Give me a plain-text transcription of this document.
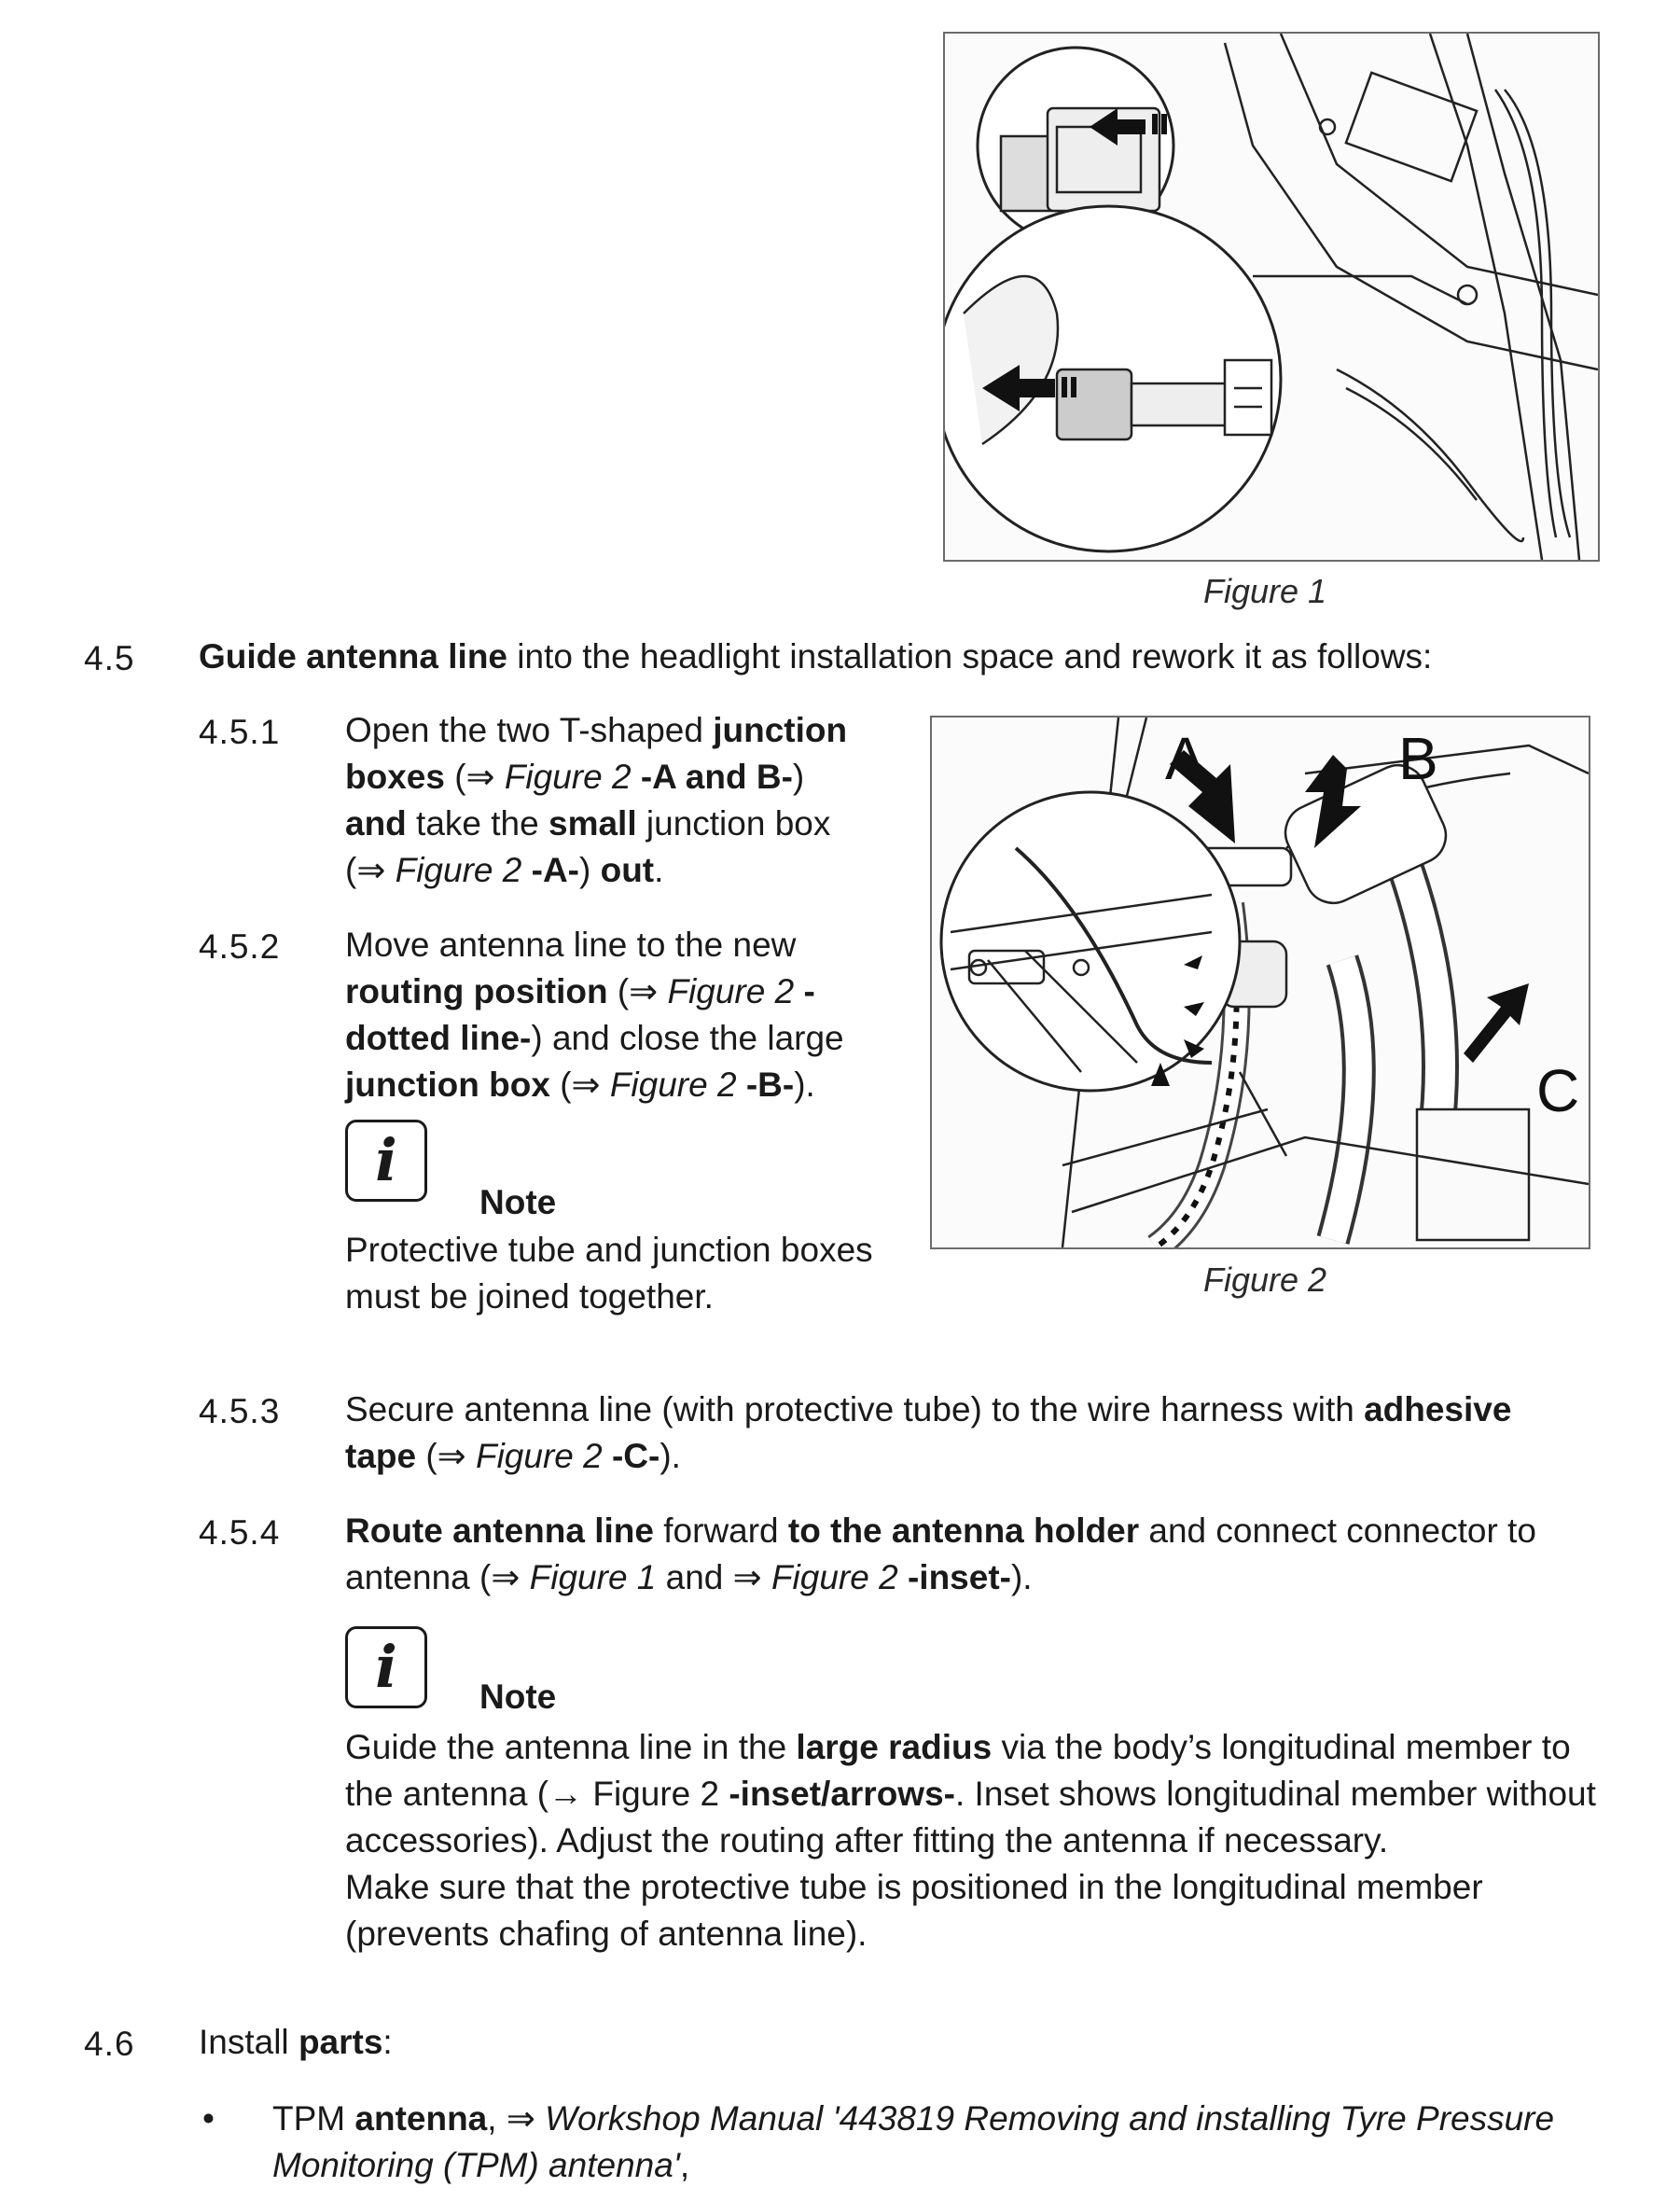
Figure 1
4.5 Guide antenna line into the headlight installation space and rework it as follows:
A	B
C
Figure 2
4.5.1 Open the two T-shaped junction boxes (⇒ Figure 2 -A and B-) and take the small junction box (⇒ Figure 2 -A-) out.
4.5.2 Move antenna line to the new routing position (⇒ Figure 2 -dotted line-) and close the large junction box (⇒ Figure 2 -B-).
i
Note
Protective tube and junction boxes must be joined together.
4.5.3 Secure antenna line (with protective tube) to the wire harness with adhesive tape (⇒ Figure 2 -C-).
4.5.4 Route antenna line forward to the antenna holder and connect connector to antenna (⇒ Figure 1 and ⇒ Figure 2 -inset-).
i Note
Guide the antenna line in the large radius via the body’s longitudinal member to the antenna (→ Figure 2 -inset/arrows-. Inset shows longitudinal member without accessories). Adjust the routing after fitting the antenna if necessary.
Make sure that the protective tube is positioned in the longitudinal member (prevents chafing of antenna line).
4.6 Install parts:
• TPM antenna, ⇒ Workshop Manual '443819 Removing and installing Tyre Pressure Monitoring (TPM) antenna',
